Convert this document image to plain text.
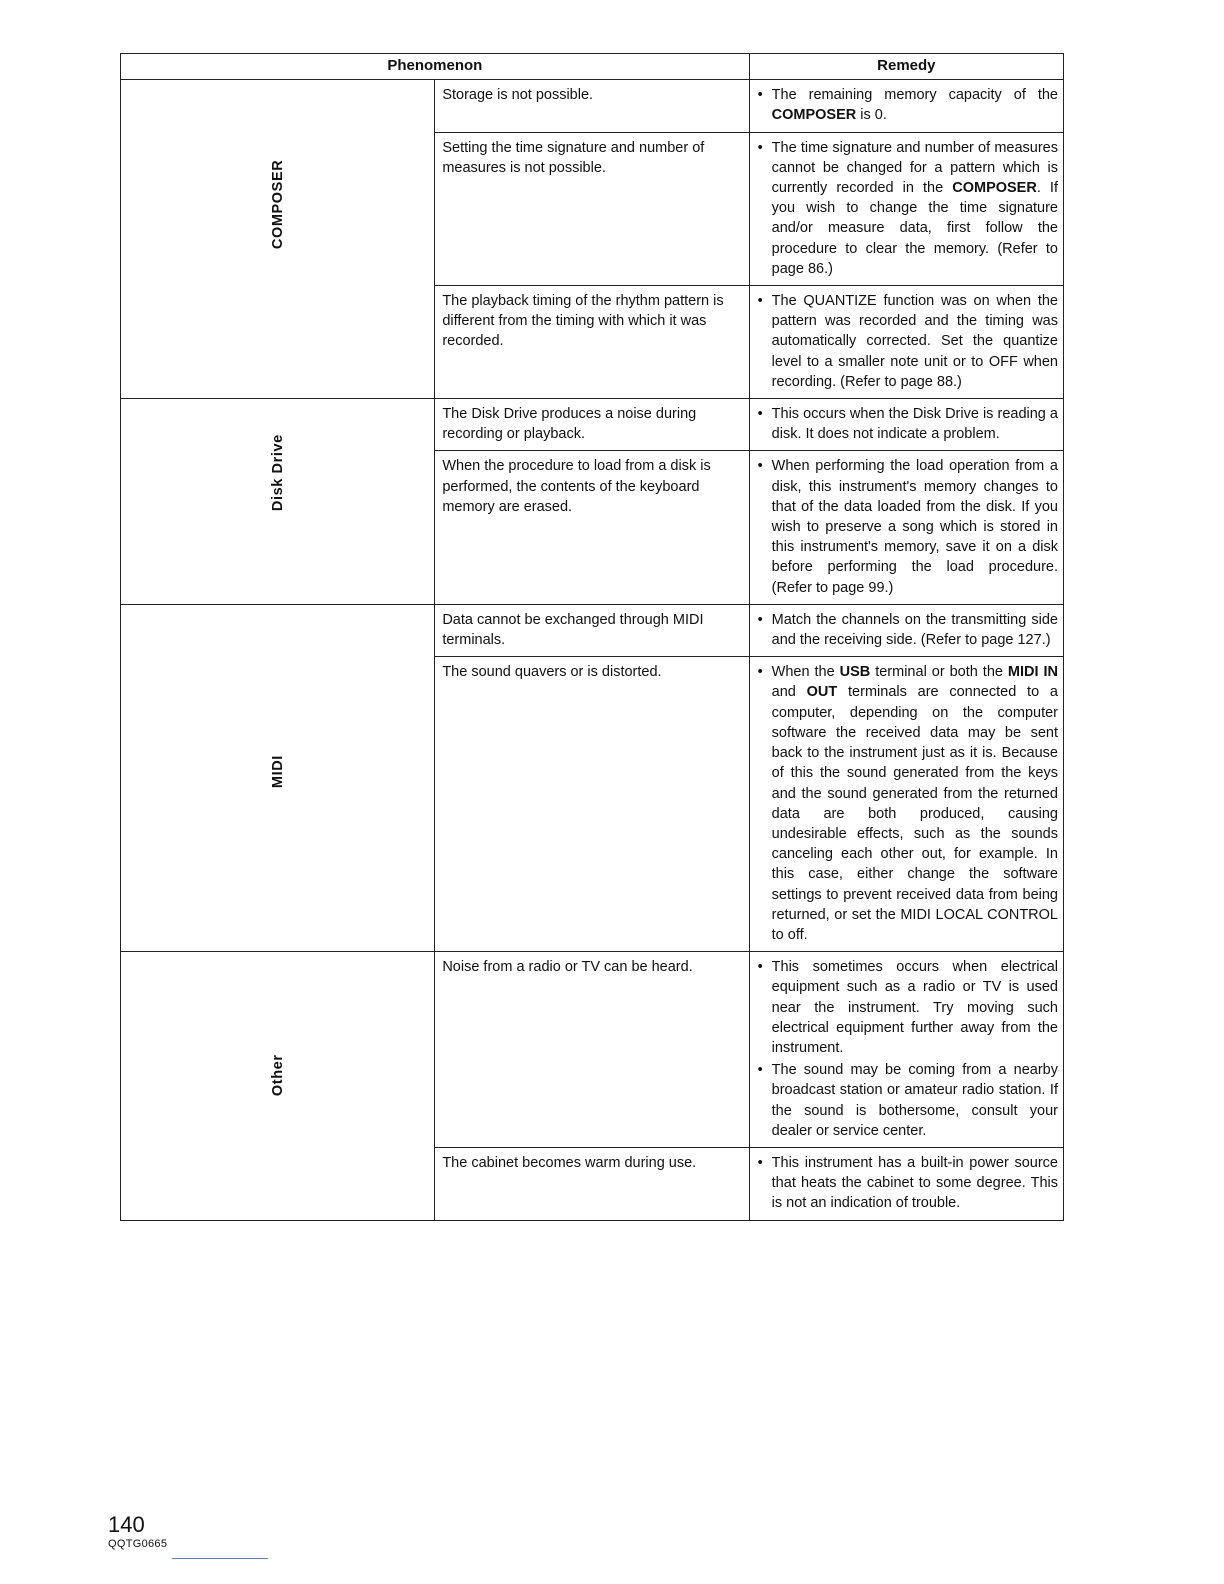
Phenomenon		Remedy

COMPOSER	Storage is not possible.	• The remaining memory capacity of the COMPOSER is 0.

	Setting the time signature and number of measures is not possible.	• The time signature and number of measures cannot be changed for a pattern which is currently recorded in the COMPOSER. If you wish to change the time signature and/or measure data, first follow the procedure to clear the memory. (Refer to page 86.)

	The playback timing of the rhythm pattern is different from the timing with which it was recorded.	• The QUANTIZE function was on when the pattern was recorded and the timing was automatically corrected. Set the quantize level to a smaller note unit or to OFF when recording. (Refer to page 88.)

Disk Drive	The Disk Drive produces a noise during recording or playback.	• This occurs when the Disk Drive is reading a disk. It does not indicate a problem.

	When the procedure to load from a disk is performed, the contents of the keyboard memory are erased.	• When performing the load operation from a disk, this instrument's memory changes to that of the data loaded from the disk. If you wish to preserve a song which is stored in this instrument's memory, save it on a disk before performing the load procedure. (Refer to page 99.)

MIDI	Data cannot be exchanged through MIDI terminals.	• Match the channels on the transmitting side and the receiving side. (Refer to page 127.)

	The sound quavers or is distorted.	• When the USB terminal or both the MIDI IN and OUT terminals are connected to a computer, depending on the computer software the received data may be sent back to the instrument just as it is. Because of this the sound generated from the keys and the sound generated from the returned data are both produced, causing undesirable effects, such as the sounds canceling each other out, for example. In this case, either change the software settings to prevent received data from being returned, or set the MIDI LOCAL CONTROL to off.

Other	Noise from a radio or TV can be heard.	• This sometimes occurs when electrical equipment such as a radio or TV is used near the instrument. Try moving such electrical equipment further away from the instrument.
• The sound may be coming from a nearby broadcast station or amateur radio station. If the sound is bothersome, consult your dealer or service center.

	The cabinet becomes warm during use.	• This instrument has a built-in power source that heats the cabinet to some degree. This is not an indication of trouble.
140
QQTG0665
